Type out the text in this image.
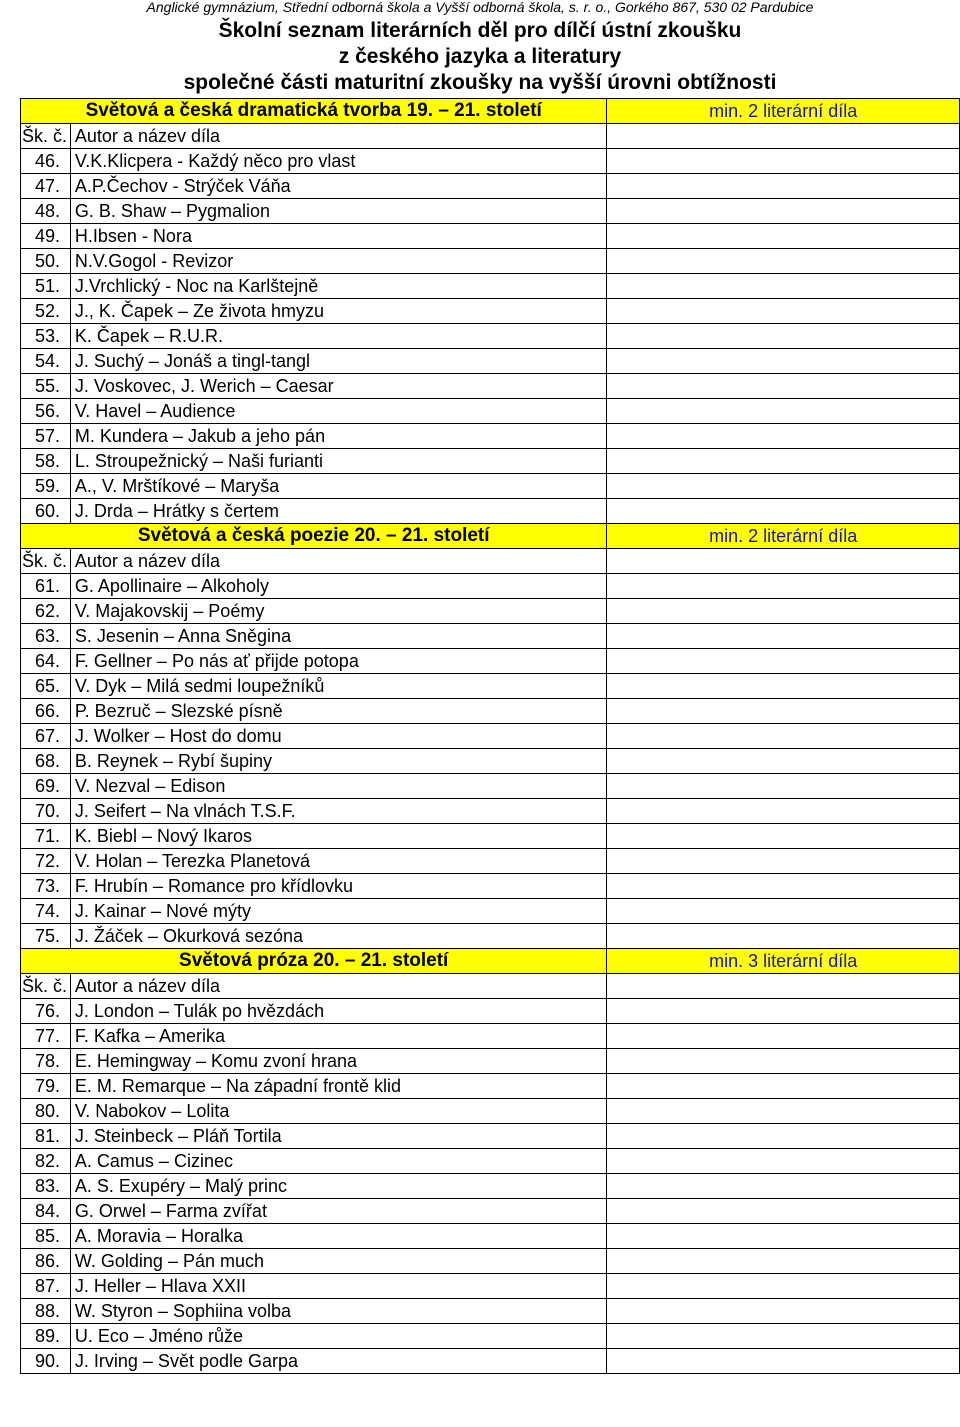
Anglické gymnázium, Střední odborná škola a Vyšší odborná škola, s. r. o., Gorkého 867, 530 02 Pardubice
Školní seznam literárních děl pro dílčí ústní zkoušku
z českého jazyka a literatury
společné části maturitní zkoušky na vyšší úrovni obtížnosti
Světová a česká dramatická tvorba 19. – 21. století		min. 2 literární díla
Šk. č.	Autor a název díla	
46.	V.K.Klicpera - Každý něco pro vlast	
47.	A.P.Čechov - Strýček Váňa	
48.	G. B. Shaw – Pygmalion	
49.	H.Ibsen - Nora	
50.	N.V.Gogol - Revizor	
51.	J.Vrchlický - Noc na Karlštejně	
52.	J., K. Čapek – Ze života hmyzu	
53.	K. Čapek – R.U.R.	
54.	J. Suchý – Jonáš a tingl-tangl	
55.	J. Voskovec, J. Werich – Caesar	
56.	V. Havel – Audience	
57.	M. Kundera – Jakub a jeho pán	
58.	L. Stroupežnický – Naši furianti	
59.	A., V. Mrštíkové – Maryša	
60.	J. Drda – Hrátky s čertem	
Světová a česká poezie 20. – 21. století		min. 2 literární díla
Šk. č.	Autor a název díla	
61.	G. Apollinaire – Alkoholy	
62.	V. Majakovskij – Poémy	
63.	S. Jesenin – Anna Sněgina	
64.	F. Gellner – Po nás ať přijde potopa	
65.	V. Dyk – Milá sedmi loupežníků	
66.	P. Bezruč – Slezské písně	
67.	J. Wolker – Host do domu	
68.	B. Reynek – Rybí šupiny	
69.	V. Nezval – Edison	
70.	J. Seifert – Na vlnách T.S.F.	
71.	K. Biebl – Nový Ikaros	
72.	V. Holan – Terezka Planetová	
73.	F. Hrubín – Romance pro křídlovku	
74.	J. Kainar – Nové mýty	
75.	J. Žáček – Okurková sezóna	
Světová próza 20. – 21. století		min. 3 literární díla
Šk. č.	Autor a název díla	
76.	J. London – Tulák po hvězdách	
77.	F. Kafka – Amerika	
78.	E. Hemingway – Komu zvoní hrana	
79.	E. M. Remarque – Na západní frontě klid	
80.	V. Nabokov – Lolita	
81.	J. Steinbeck – Pláň Tortila	
82.	A. Camus – Cizinec	
83.	A. S. Exupéry – Malý princ	
84.	G. Orwel – Farma zvířat	
85.	A. Moravia – Horalka	
86.	W. Golding – Pán much	
87.	J. Heller – Hlava XXII	
88.	W. Styron – Sophiina volba	
89.	U. Eco – Jméno růže	
90.	J. Irving – Svět podle Garpa	
